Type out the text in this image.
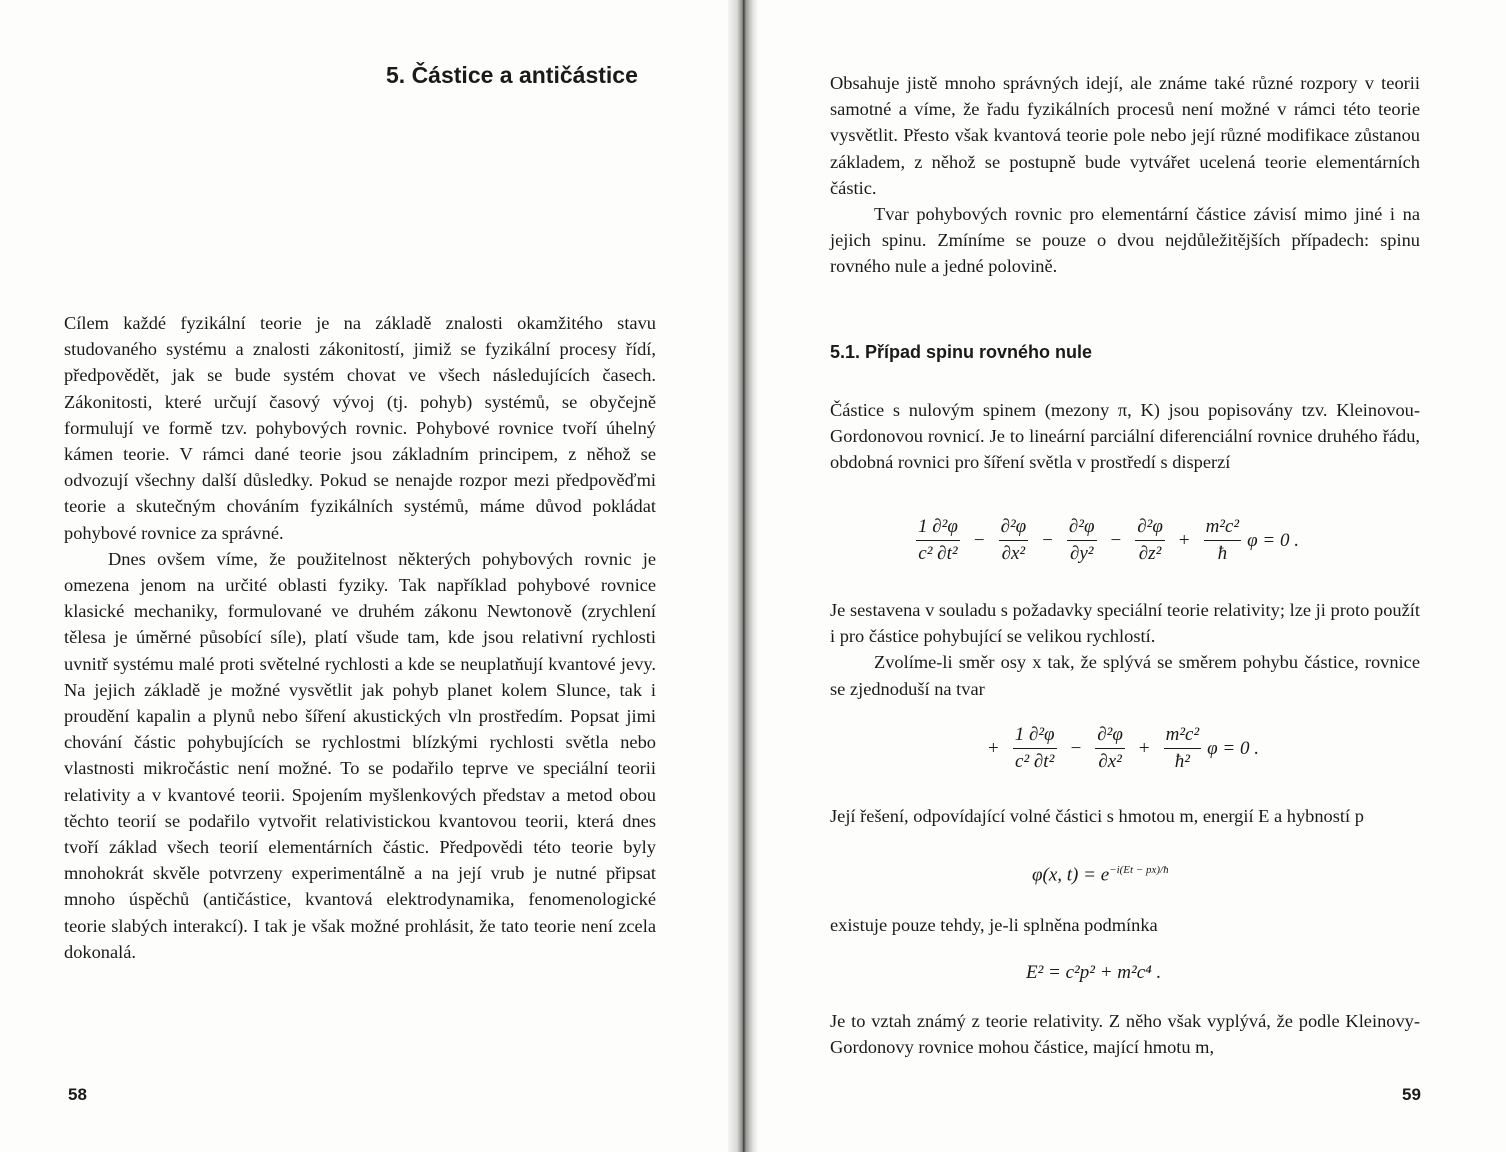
5. Částice a antičástice

Cílem každé fyzikální teorie je na základě znalosti okamžitého stavu studovaného systému a znalosti zákonitostí, jimiž se fyzikální procesy řídí, předpovědět, jak se bude systém chovat ve všech následujících časech. Zákonitosti, které určují časový vývoj (tj. pohyb) systémů, se obyčejně formulují ve formě tzv. pohybových rovnic. Pohybové rovnice tvoří úhelný kámen teorie. V rámci dané teorie jsou základním principem, z něhož se odvozují všechny další důsledky. Pokud se nenajde rozpor mezi předpověďmi teorie a skutečným chováním fyzikálních systémů, máme důvod pokládat pohybové rovnice za správné.

Dnes ovšem víme, že použitelnost některých pohybových rovnic je omezena jenom na určité oblasti fyziky. Tak například pohybové rovnice klasické mechaniky, formulované ve druhém zákonu Newtonově (zrychlení tělesa je úměrné působící síle), platí všude tam, kde jsou relativní rychlosti uvnitř systému malé proti světelné rychlosti a kde se neuplatňují kvantové jevy. Na jejich základě je možné vysvětlit jak pohyb planet kolem Slunce, tak i proudění kapalin a plynů nebo šíření akustických vln prostředím. Popsat jimi chování částic pohybujících se rychlostmi blízkými rychlosti světla nebo vlastnosti mikročástic není možné. To se podařilo teprve ve speciální teorii relativity a v kvantové teorii. Spojením myšlenkových představ a metod obou těchto teorií se podařilo vytvořit relativistickou kvantovou teorii, která dnes tvoří základ všech teorií elementárních částic. Předpovědi této teorie byly mnohokrát skvěle potvrzeny experimentálně a na její vrub je nutné připsat mnoho úspěchů (antičástice, kvantová elektrodynamika, fenomenologické teorie slabých interakcí). I tak je však možné prohlásit, že tato teorie není zcela dokonalá.

58

Obsahuje jistě mnoho správných idejí, ale známe také různé rozpory v teorii samotné a víme, že řadu fyzikálních procesů není možné v rámci této teorie vysvětlit. Přesto však kvantová teorie pole nebo její různé modifikace zůstanou základem, z něhož se postupně bude vytvářet ucelená teorie elementárních částic.

Tvar pohybových rovnic pro elementární částice závisí mimo jiné i na jejich spinu. Zmíníme se pouze o dvou nejdůležitějších případech: spinu rovného nule a jedné polovině.

5.1. Případ spinu rovného nule

Částice s nulovým spinem (mezony π, K) jsou popisovány tzv. Kleinovou-Gordonovou rovnicí. Je to lineární parciální diferenciální rovnice druhého řádu, obdobná rovnici pro šíření světla v prostředí s disperzí

$\frac{\text{1 ∂²φ}}{\text{c² ∂t²}} - \frac{\text{∂²φ}}{\text{∂x²}} - \frac{\text{∂²φ}}{\text{∂y²}} - \frac{\text{∂²φ}}{\text{∂z²}} + \frac{\text{m²c²}}{ħ}$ φ = 0 .

Je sestavena v souladu s požadavky speciální teorie relativity; lze ji proto použít i pro částice pohybující se velikou rychlostí.

Zvolíme-li směr osy x tak, že splývá se směrem pohybu částice, rovnice se zjednoduší na tvar

+ $\frac{\text{1 ∂²φ}}{\text{c² ∂t²}} - \frac{\text{∂²φ}}{\text{∂x²}} + \frac{\text{m²c²}}{\text{ħ²}}$ φ = 0 .

Její řešení, odpovídající volné částici s hmotou m, energií E a hybností p

φ(x, $t) = e^{-i(Et - px)/ħ}$

existuje pouze tehdy, je-li splněna podmínka

E² = c²p² + m²c⁴ .

Je to vztah známý z teorie relativity. Z něho však vyplývá, že podle Kleinovy-Gordonovy rovnice mohou částice, mající hmotu m,

59
